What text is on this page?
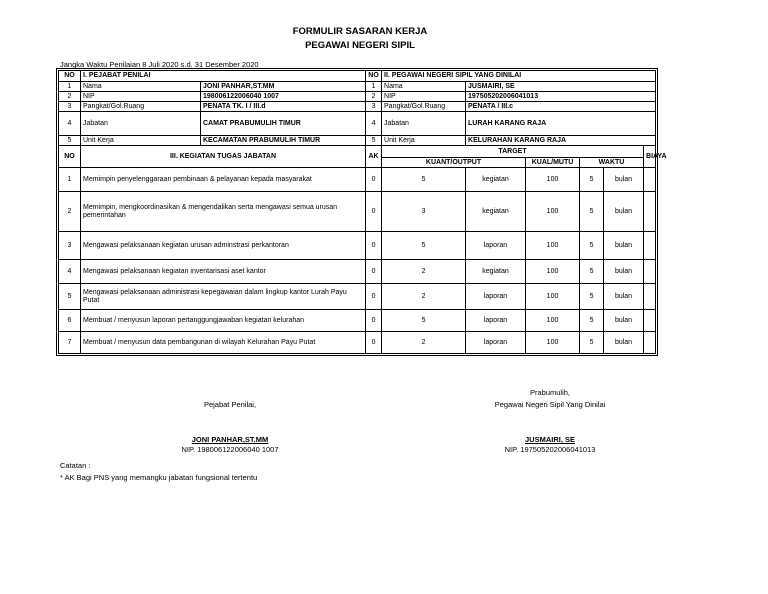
FORMULIR SASARAN KERJA
PEGAWAI NEGERI SIPIL
Jangka Waktu Penilaian 8 Juli 2020 s.d. 31 Desember 2020
NO	I. PEJABAT PENILAI		NO	II. PEGAWAI NEGERI SIPIL YANG DINILAI					
1	Nama	JONI PANHAR,ST.MM	1	Nama	JUSMAIRI, SE				
2	NIP	198006122006040 1007	2	NIP	197505202006041013				
3	Pangkat/Gol.Ruang	PENATA TK. I / III.d	3	Pangkat/Gol.Ruang	PENATA / III.c				
4	Jabatan	CAMAT PRABUMULIH TIMUR	4	Jabatan	LURAH KARANG RAJA				
5	Unit Kerja	KECAMATAN PRABUMULIH TIMUR	5	Unit Kerja	KELURAHAN KARANG RAJA				
NO	III. KEGIATAN TUGAS JABATAN		AK	TARGET					BIAYA
				KUANT/OUTPUT		KUAL/MUTU	WAKTU		
1	Memimpin penyelenggaraan pembinaan & pelayanan kepada masyarakat		0	5	kegiatan	100	5	bulan	
2	Memimpin, mengkoordinasikan & mengendalikan serta mengawasi semua urusan pemerintahan		0	3	kegiatan	100	5	bulan	
3	Mengawasi pelaksanaan kegiatan urusan adminstrasi perkantoran		0	5	laporan	100	5	bulan	
4	Mengawasi pelaksanaan kegiatan inventarisasi aset kantor		0	2	kegiatan	100	5	bulan	
5	Mengawasi pelaksanaan administrasi kepegawaian dalam lingkup kantor Lurah Payu Putat		0	2	laporan	100	5	bulan	
6	Membuat / menyusun laporan pertanggungjawaban kegiatan kelurahan		0	5	laporan	100	5	bulan	
7	Membuat / menyusun data pembangunan di wilayah Kelurahan Payu Putat		0	2	laporan	100	5	bulan	
Pejabat Penilai,
JONI PANHAR,ST.MM
NIP. 198006122006040 1007
Prabumulih,
Pegawai Negeri Sipil Yang Dinilai
JUSMAIRI, SE
NIP. 197505202006041013
Catatan :
* AK Bagi PNS yang memangku jabatan fungsional tertentu
